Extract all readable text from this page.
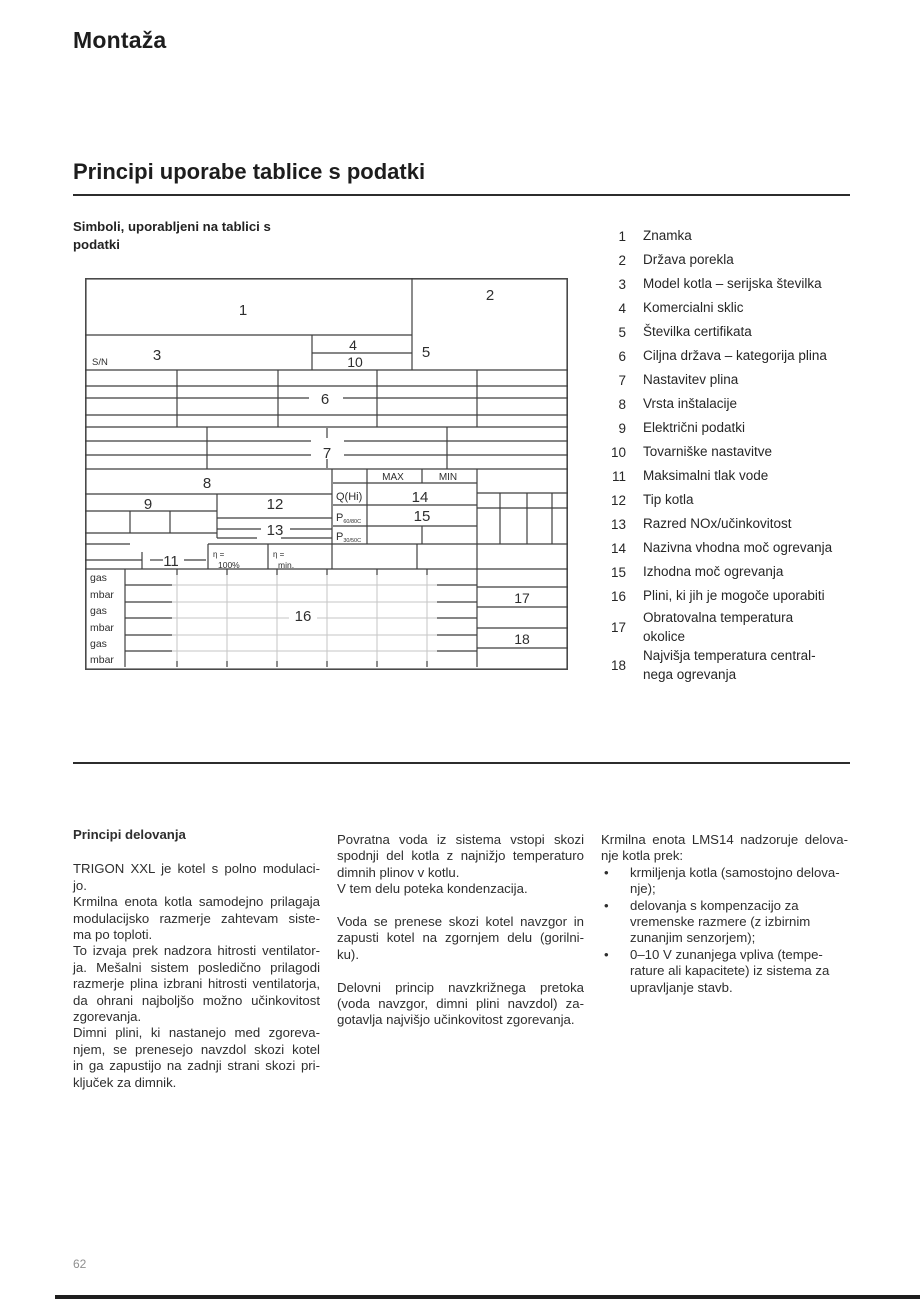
Montaža
Principi uporabe tablice s podatki
Simboli, uporabljeni na tablici s podatki
1 Znamka
2 Država porekla
3 Model kotla – serijska številka
4 Komercialni sklic
5 Številka certifikata
6 Ciljna država – kategorija plina
7 Nastavitev plina
8 Vrsta inštalacije
9 Električni podatki
10 Tovarniške nastavitve
11 Maksimalni tlak vode
12 Tip kotla
13 Razred NOx/učinkovitost
14 Nazivna vhodna moč ogrevanja
15 Izhodna moč ogrevanja
16 Plini, ki jih je mogoče uporabiti
17
Obratovalna temperatura
okolice
18
Najvišja temperatura central-
nega ogrevanja
1
2
3
S/N
4
10
5
6
7
8
9	12
13
11
MAX	MIN
Q(Hi)
P60/80C
P30/50C
14
15
η =
100%
η =
min.
16
17
18
gas
mbar
gas
mbar
gas
mbar
Principi delovanja
TRIGON XXL je kotel s polno modulaci-
jo.
Krmilna enota kotla samodejno prilagaja
modulacijsko razmerje zahtevam siste-
ma po toploti.
To izvaja prek nadzora hitrosti ventilator-
ja. Mešalni sistem posledično prilagodi
razmerje plina izbrani hitrosti ventilatorja,
da ohrani najboljšo možno učinkovitost
zgorevanja.
Dimni plini, ki nastanejo med zgoreva-
njem, se prenesejo navzdol skozi kotel
in ga zapustijo na zadnji strani skozi pri-
ključek za dimnik.
Povratna voda iz sistema vstopi skozi
spodnji del kotla z najnižjo temperaturo
dimnih plinov v kotlu.
V tem delu poteka kondenzacija.
Voda se prenese skozi kotel navzgor in
zapusti kotel na zgornjem delu (gorilni-
ku).
Delovni princip navzkrižnega pretoka
(voda navzgor, dimni plini navzdol) za-
gotavlja najvišjo učinkovitost zgorevanja.
Krmilna enota LMS14 nadzoruje delova-
nje kotla prek:
• krmiljenja kotla (samostojno delova-
nje);
• delovanja s kompenzacijo za
vremenske razmere (z izbirnim
zunanjim senzorjem);
• 0–10 V zunanjega vpliva (tempe-
rature ali kapacitete) iz sistema za
upravljanje stavb.
62
